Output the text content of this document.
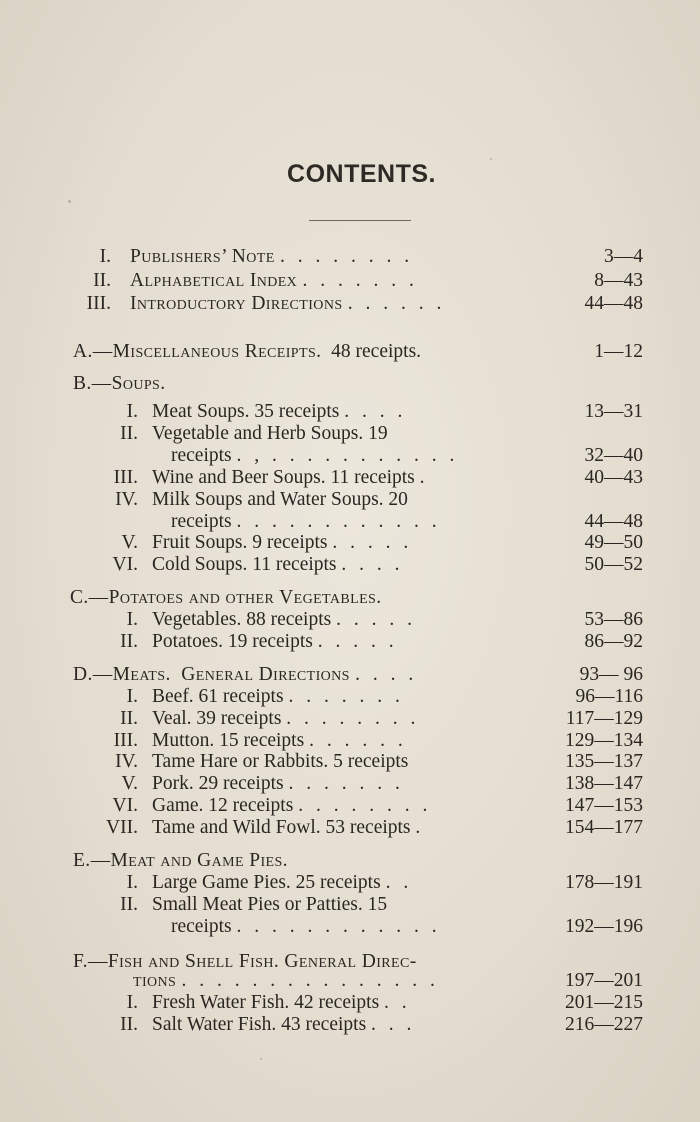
CONTENTS.
I. Publishers’ Note . . . . . . . .	3—4
II. Alphabetical Index . . . . . . .	8—43
III. Introductory Directions . . . . . .	44—48
A.—Miscellaneous Receipts. 48 receipts.	1—12
B.—Soups.
I. Meat Soups. 35 receipts . . . .	13—31
II. Vegetable and Herb Soups. 19
receipts . , . . . . . . . . . . .	32—40
III. Wine and Beer Soups. 11 receipts .	40—43
IV. Milk Soups and Water Soups. 20
receipts . . . . . . . . . . . .	44—48
V. Fruit Soups. 9 receipts . . . . .	49—50
VI. Cold Soups. 11 receipts . . . .	50—52
C.—Potatoes and other Vegetables.
I. Vegetables. 88 receipts . . . . .	53—86
II. Potatoes. 19 receipts . . . . .	86—92
D.—Meats. General Directions . . . .	93— 96
I. Beef. 61 receipts . . . . . . .	96—116
II. Veal. 39 receipts . . . . . . . .	117—129
III. Mutton. 15 receipts . . . . . .	129—134
IV. Tame Hare or Rabbits. 5 receipts	135—137
V. Pork. 29 receipts . . . . . . .	138—147
VI. Game. 12 receipts . . . . . . . .	147—153
VII. Tame and Wild Fowl. 53 receipts .	154—177
E.—Meat and Game Pies.
I. Large Game Pies. 25 receipts . .	178—191
II. Small Meat Pies or Patties. 15
receipts . . . . . . . . . . . .	192—196
F.—Fish and Shell Fish. General Direc-
tions . . . . . . . . . . . . . . .	197—201
I. Fresh Water Fish. 42 receipts . .	201—215
II. Salt Water Fish. 43 receipts . . .	216—227
